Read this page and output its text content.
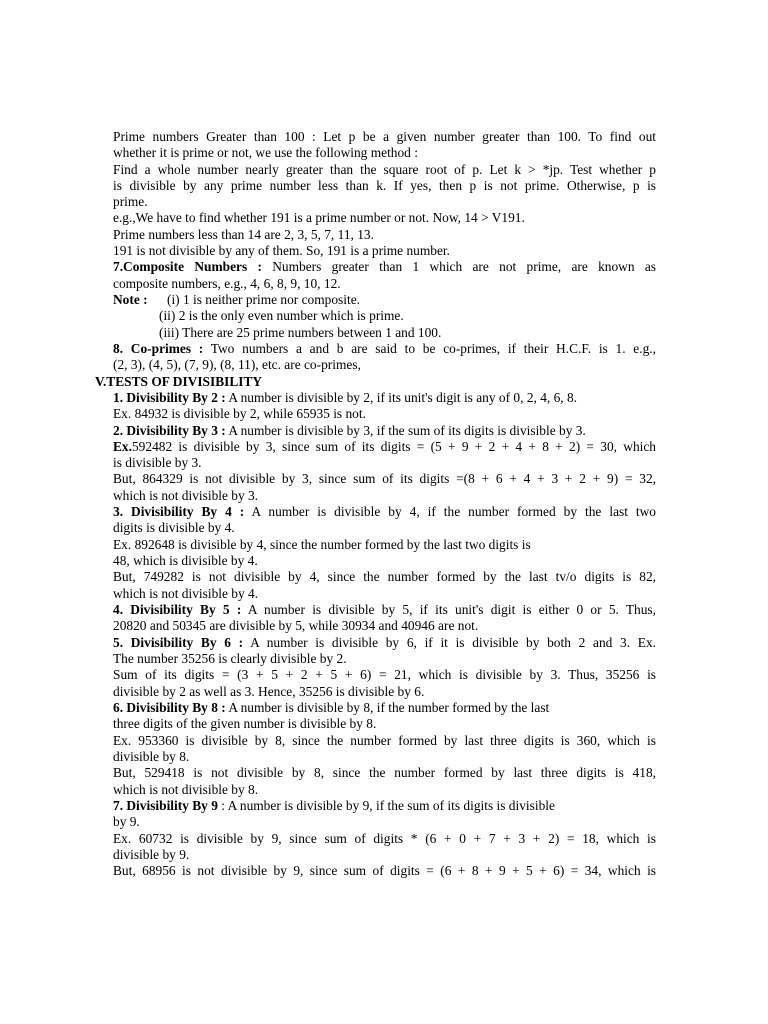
Prime numbers Greater than 100 : Let p be a given number greater than 100. To find out
whether it is prime or not, we use the following method :
Find a whole number nearly greater than the square root of p. Let k > *jp. Test whether p
is divisible by any prime number less than k. If yes, then p is not prime. Otherwise, p is
prime.
e.g.,We have to find whether 191 is a prime number or not. Now, 14 > V191.
Prime numbers less than 14 are 2, 3, 5, 7, 11, 13.
191 is not divisible by any of them. So, 191 is a prime number.
7.Composite Numbers : Numbers greater than 1 which are not prime, are known as
composite numbers, e.g., 4, 6, 8, 9, 10, 12.
Note : (i) 1 is neither prime nor composite.
(ii) 2 is the only even number which is prime.
(iii) There are 25 prime numbers between 1 and 100.
8. Co-primes : Two numbers a and b are said to be co-primes, if their H.C.F. is 1. e.g.,
(2, 3), (4, 5), (7, 9), (8, 11), etc. are co-primes,
V.TESTS OF DIVISIBILITY
1. Divisibility By 2 : A number is divisible by 2, if its unit's digit is any of 0, 2, 4, 6, 8.
Ex. 84932 is divisible by 2, while 65935 is not.
2. Divisibility By 3 : A number is divisible by 3, if the sum of its digits is divisible by 3.
Ex.592482 is divisible by 3, since sum of its digits = (5 + 9 + 2 + 4 + 8 + 2) = 30, which
is divisible by 3.
But, 864329 is not divisible by 3, since sum of its digits =(8 + 6 + 4 + 3 + 2 + 9) = 32,
which is not divisible by 3.
3. Divisibility By 4 : A number is divisible by 4, if the number formed by the last two
digits is divisible by 4.
Ex. 892648 is divisible by 4, since the number formed by the last two digits is
48, which is divisible by 4.
But, 749282 is not divisible by 4, since the number formed by the last tv/o digits is 82,
which is not divisible by 4.
4. Divisibility By 5 : A number is divisible by 5, if its unit's digit is either 0 or 5. Thus,
20820 and 50345 are divisible by 5, while 30934 and 40946 are not.
5. Divisibility By 6 : A number is divisible by 6, if it is divisible by both 2 and 3. Ex.
The number 35256 is clearly divisible by 2.
Sum of its digits = (3 + 5 + 2 + 5 + 6) = 21, which is divisible by 3. Thus, 35256 is
divisible by 2 as well as 3. Hence, 35256 is divisible by 6.
6. Divisibility By 8 : A number is divisible by 8, if the number formed by the last
three digits of the given number is divisible by 8.
Ex. 953360 is divisible by 8, since the number formed by last three digits is 360, which is
divisible by 8.
But, 529418 is not divisible by 8, since the number formed by last three digits is 418,
which is not divisible by 8.
7. Divisibility By 9 : A number is divisible by 9, if the sum of its digits is divisible
by 9.
Ex. 60732 is divisible by 9, since sum of digits * (6 + 0 + 7 + 3 + 2) = 18, which is
divisible by 9.
But, 68956 is not divisible by 9, since sum of digits = (6 + 8 + 9 + 5 + 6) = 34, which is
